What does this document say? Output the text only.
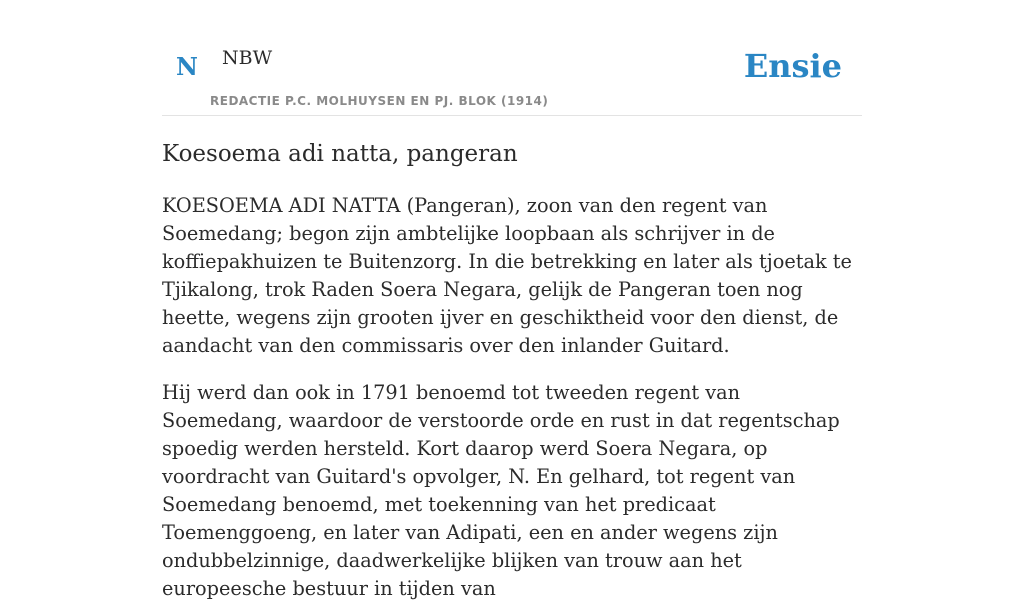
N NBW
REDACTIE P.C. MOLHUYSEN EN PJ. BLOK (1914)
Ensie
Koesoema adi natta, pangeran

KOESOEMA ADI NATTA (Pangeran), zoon van den regent van Soemedang; begon zijn ambtelijke loopbaan als schrijver in de koffiepakhuizen te Buitenzorg. In die betrekking en later als tjoetak te Tjikalong, trok Raden Soera Negara, gelijk de Pangeran toen nog heette, wegens zijn grooten ijver en geschiktheid voor den dienst, de aandacht van den commissaris over den inlander Guitard.

Hij werd dan ook in 1791 benoemd tot tweeden regent van Soemedang, waardoor de verstoorde orde en rust in dat regentschap spoedig werden hersteld. Kort daarop werd Soera Negara, op voordracht van Guitard's opvolger, N. En gelhard, tot regent van Soemedang benoemd, met toekenning van het predicaat Toemenggoeng, en later van Adipati, een en ander wegens zijn ondubbelzinnige, daadwerkelijke blijken van trouw aan het europeesche bestuur in tijden van
